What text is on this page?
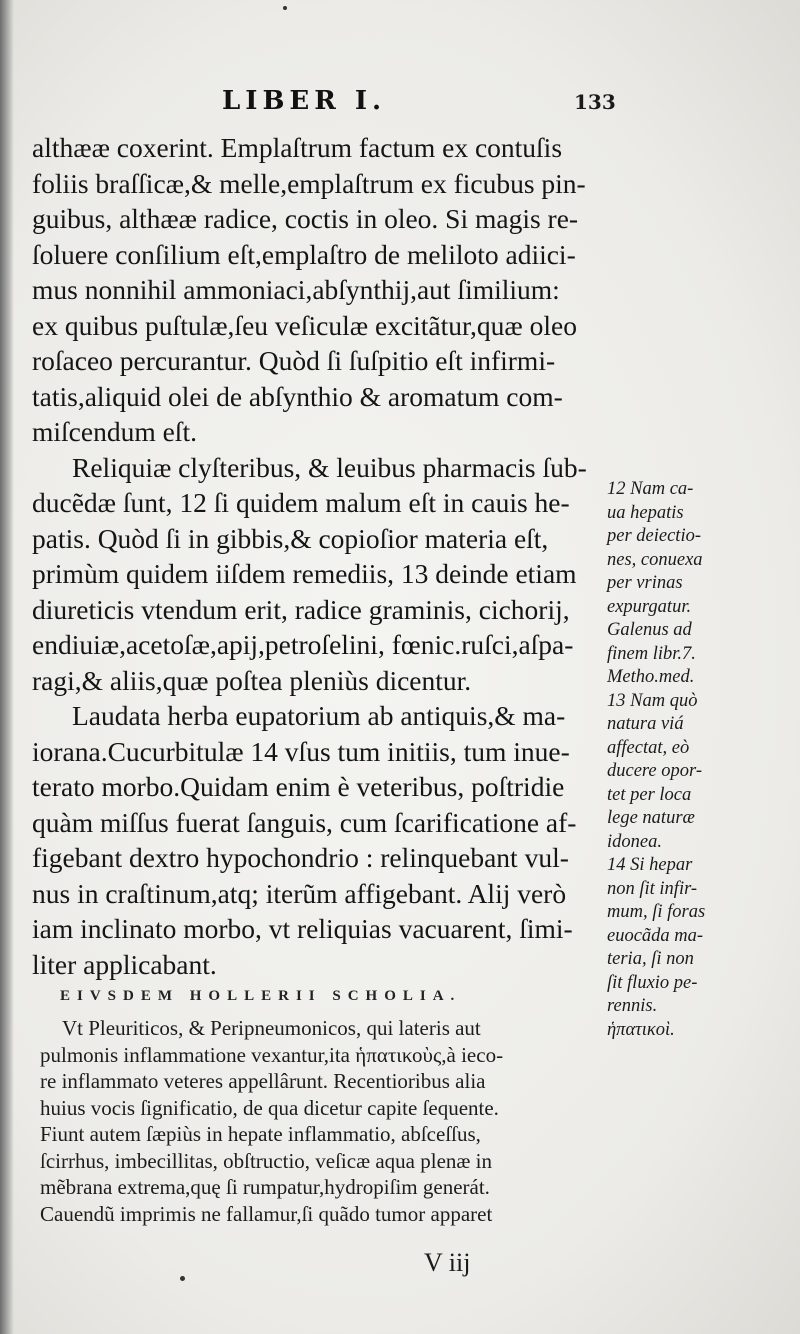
LIBER I.	133
althææ coxerint. Emplaſtrum factum ex contuſis
foliis braſſicæ,& melle,emplaſtrum ex ficubus pin-
guibus, althææ radice, coctis in oleo. Si magis re-
ſoluere conſilium eſt,emplaſtro de meliloto adiici-
mus nonnihil ammoniaci,abſynthij,aut ſimilium:
ex quibus puſtulæ,ſeu veſiculæ excitãtur,quæ oleo
roſaceo percurantur. Quòd ſi ſuſpitio eſt infirmi-
tatis,aliquid olei de abſynthio & aromatum com-
miſcendum eſt.
Reliquiæ clyſteribus, & leuibus pharmacis ſub-
ducẽdæ ſunt, 12 ſi quidem malum eſt in cauis he-
patis. Quòd ſi in gibbis,& copioſior materia eſt,
primùm quidem iiſdem remediis, 13 deinde etiam
diureticis vtendum erit, radice graminis, cichorij,
endiuiæ,acetoſæ,apij,petroſelini, fœnic.ruſci,aſpa-
ragi,& aliis,quæ poſtea pleniùs dicentur.
Laudata herba eupatorium ab antiquis,& ma-
iorana.Cucurbitulæ 14 vſus tum initiis, tum inue-
terato morbo.Quidam enim è veteribus, poſtridie
quàm miſſus fuerat ſanguis, cum ſcarificatione af-
figebant dextro hypochondrio : relinquebant vul-
nus in craſtinum,atq; iterũm affigebant. Alij verò
iam inclinato morbo, vt reliquias vacuarent, ſimi-
liter applicabant.
12 Nam ca-
ua hepatis
per deiectio-
nes, conuexa
per vrinas
expurgatur.
Galenus ad
finem libr.7.
Metho.med.
13 Nam quò
natura viá
affectat, eò
ducere opor-
tet per loca
lege naturæ
idonea.
14 Si hepar
non ſit infir-
mum, ſi foras
euocãda ma-
teria, ſi non
ſit fluxio pe-
rennis.
ἡπατικοὶ.
EIVSDEM HOLLERII SCHOLIA.
Vt Pleuriticos, & Peripneumonicos, qui lateris aut
pulmonis inflammatione vexantur,ita ἡπατικοὺς,à ieco-
re inflammato veteres appellârunt. Recentioribus alia
huius vocis ſignificatio, de qua dicetur capite ſequente.
Fiunt autem ſæpiùs in hepate inflammatio, abſceſſus,
ſcirrhus, imbecillitas, obſtructio, veſicæ aqua plenæ in
mẽbrana extrema,quę ſi rumpatur,hydropiſim generát.
Cauendũ imprimis ne fallamur,ſi quãdo tumor apparet
V iij
